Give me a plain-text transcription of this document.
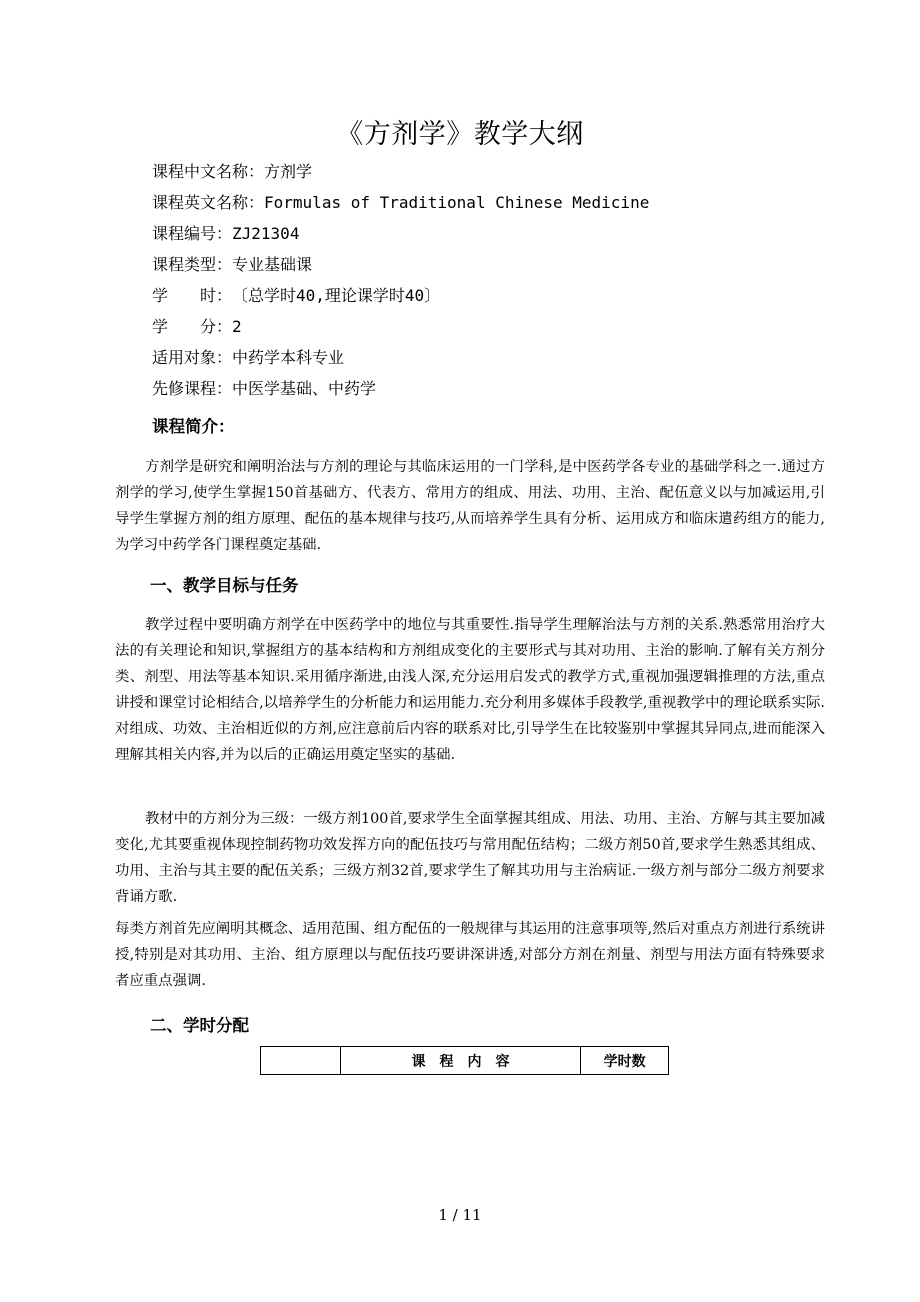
《方剂学》教学大纲
课程中文名称：方剂学
课程英文名称：Formulas of Traditional Chinese Medicine
课程编号：ZJ21304
课程类型：专业基础课
学　　时：〔总学时40,理论课学时40〕
学　　分：2
适用对象：中药学本科专业
先修课程：中医学基础、中药学
课程简介：

方剂学是研究和阐明治法与方剂的理论与其临床运用的一门学科,是中医药学各专业的基础学科之一.通过方剂学的学习,使学生掌握150首基础方、代表方、常用方的组成、用法、功用、主治、配伍意义以与加减运用,引导学生掌握方剂的组方原理、配伍的基本规律与技巧,从而培养学生具有分析、运用成方和临床遣药组方的能力,为学习中药学各门课程奠定基础.

一、教学目标与任务

教学过程中要明确方剂学在中医药学中的地位与其重要性.指导学生理解治法与方剂的关系.熟悉常用治疗大法的有关理论和知识,掌握组方的基本结构和方剂组成变化的主要形式与其对功用、主治的影响.了解有关方剂分类、剂型、用法等基本知识.采用循序渐进,由浅人深,充分运用启发式的教学方式,重视加强逻辑推理的方法,重点讲授和课堂讨论相结合,以培养学生的分析能力和运用能力.充分利用多媒体手段教学,重视教学中的理论联系实际.对组成、功效、主治相近似的方剂,应注意前后内容的联系对比,引导学生在比较鉴别中掌握其异同点,进而能深入理解其相关内容,并为以后的正确运用奠定坚实的基础.

教材中的方剂分为三级：一级方剂100首,要求学生全面掌握其组成、用法、功用、主治、方解与其主要加减变化,尤其要重视体现控制药物功效发挥方向的配伍技巧与常用配伍结构；二级方剂50首,要求学生熟悉其组成、功用、主治与其主要的配伍关系；三级方剂32首,要求学生了解其功用与主治病证.一级方剂与部分二级方剂要求背诵方歌.

每类方剂首先应阐明其概念、适用范围、组方配伍的一般规律与其运用的注意事项等,然后对重点方剂进行系统讲授,特别是对其功用、主治、组方原理以与配伍技巧要讲深讲透,对部分方剂在剂量、剂型与用法方面有特殊要求者应重点强调.

二、学时分配
	课　程　内　容	学时数
1 / 11
